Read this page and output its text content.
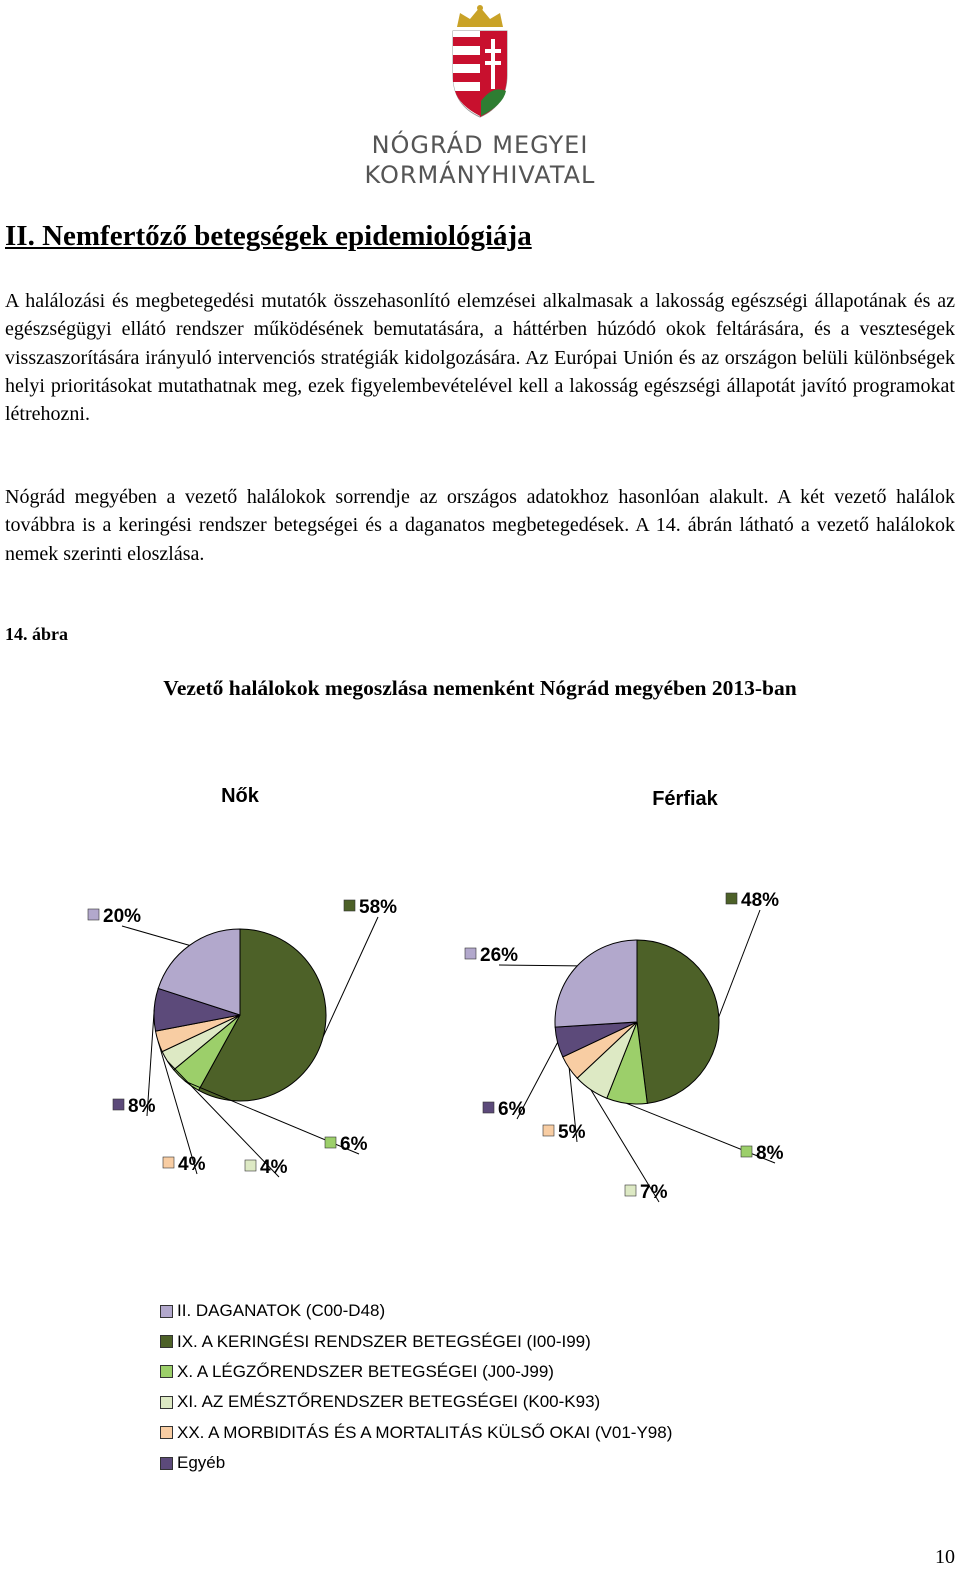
NÓGRÁD MEGYEI
KORMÁNYHIVATAL
II. Nemfertőző betegségek epidemiológiája

A halálozási és megbetegedési mutatók összehasonlító elemzései alkalmasak a lakosság egészségi állapotának és az egészségügyi ellátó rendszer működésének bemutatására, a háttérben húzódó okok feltárására, és a veszteségek visszaszorítására irányuló intervenciós stratégiák kidolgozására. Az Európai Unión és az országon belüli különbségek helyi prioritásokat mutathatnak meg, ezek figyelembevételével kell a lakosság egészségi állapotát javító programokat létrehozni.

Nógrád megyében a vezető halálokok sorrendje az országos adatokhoz hasonlóan alakult. A két vezető halálok továbbra is a keringési rendszer betegségei és a daganatos megbetegedések. A 14. ábrán látható a vezető halálokok nemek szerinti eloszlása.

14. ábra
Vezető halálokok megoszlása nemenként Nógrád megyében 2013-ban
Nők
20%	58%
6%
4%
4%
8%
Férfiak
26%
48%
8%
7%
5%
6%
II. DAGANATOK (C00-D48)
IX. A KERINGÉSI RENDSZER BETEGSÉGEI (I00-I99)
X. A LÉGZŐRENDSZER BETEGSÉGEI (J00-J99)
XI. AZ EMÉSZTŐRENDSZER BETEGSÉGEI (K00-K93)
XX. A MORBIDITÁS ÉS A MORTALITÁS KÜLSŐ OKAI (V01-Y98)
Egyéb
10
